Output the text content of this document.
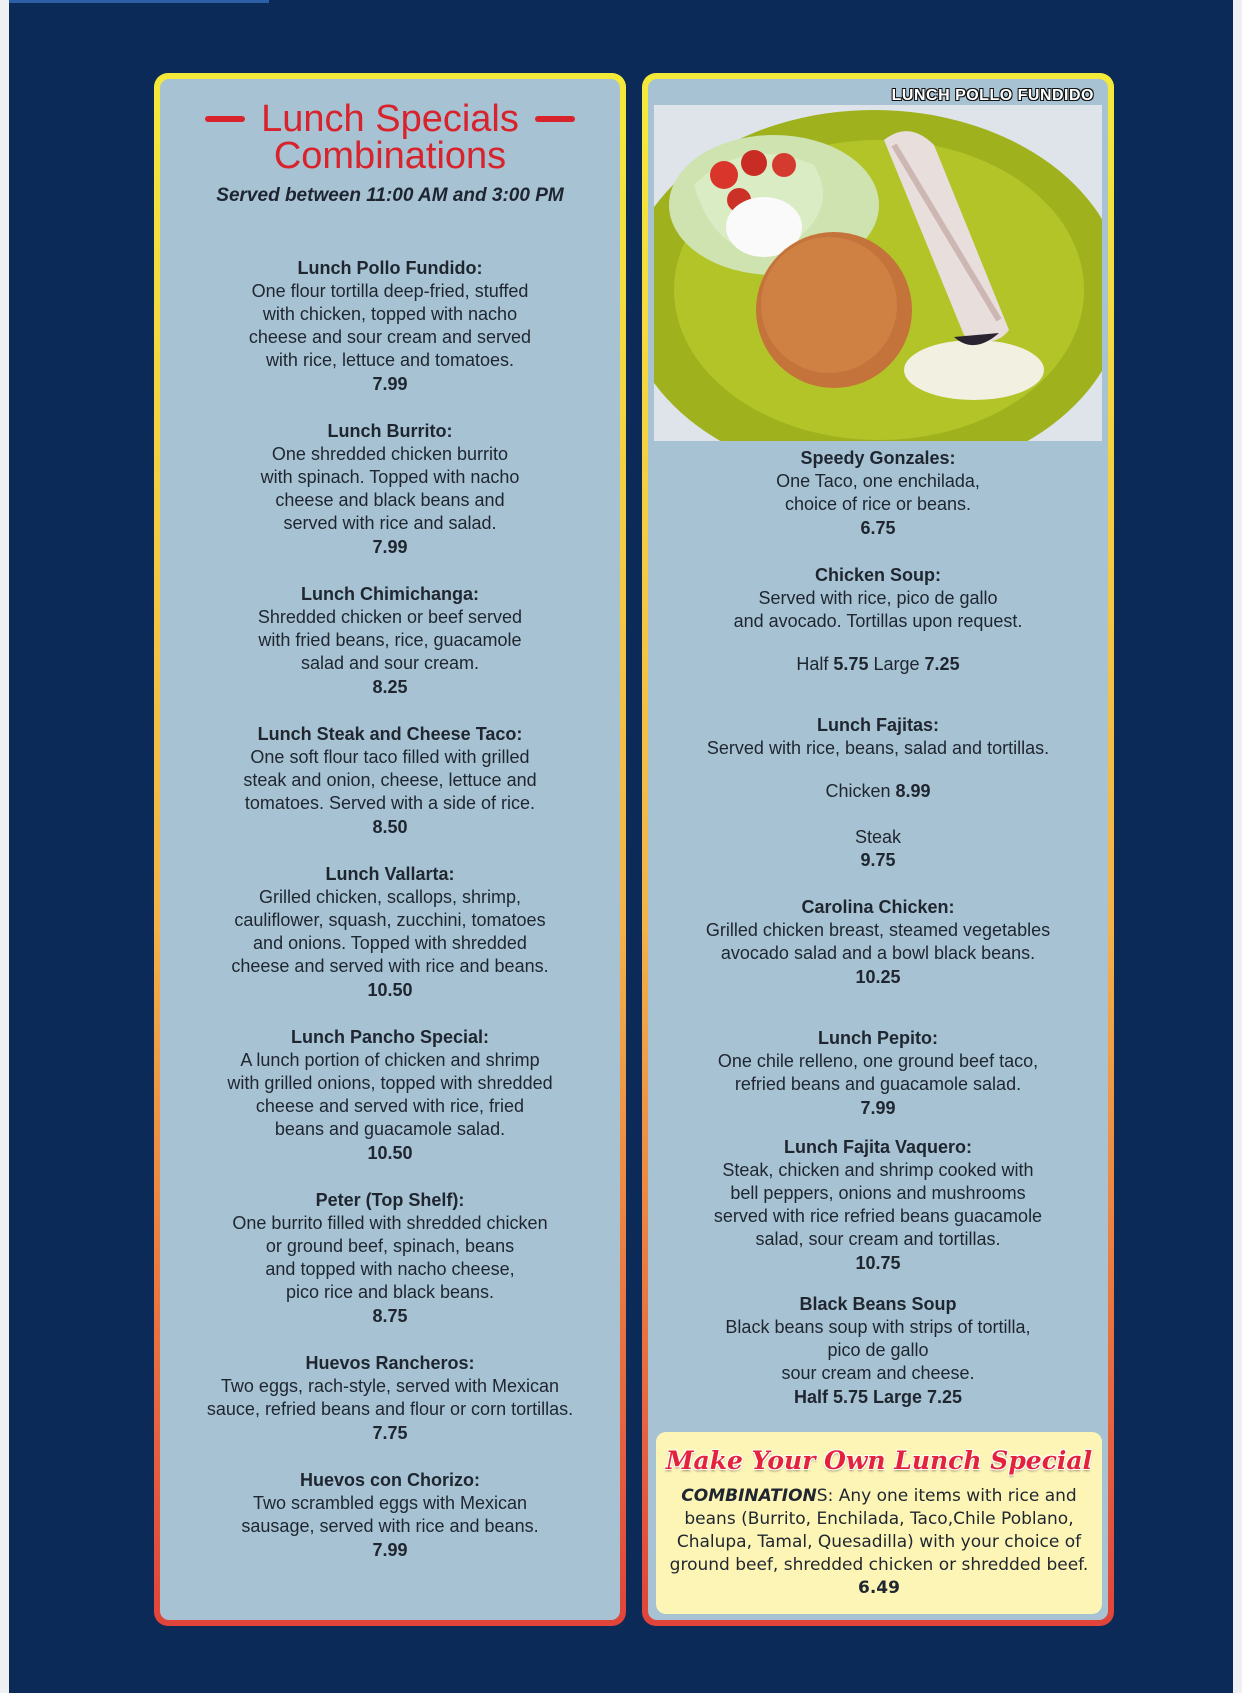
Lunch Specials
Combinations
Served between 11:00 AM and 3:00 PM
Lunch Pollo Fundido:
One flour tortilla deep-fried, stuffed
with chicken, topped with nacho
cheese and sour cream and served
with rice, lettuce and tomatoes.
7.99
Lunch Burrito:
One shredded chicken burrito
with spinach. Topped with nacho
cheese and black beans and
served with rice and salad.
7.99
Lunch Chimichanga:
Shredded chicken or beef served
with fried beans, rice, guacamole
salad and sour cream.
8.25
Lunch Steak and Cheese Taco:
One soft flour taco filled with grilled
steak and onion, cheese, lettuce and
tomatoes. Served with a side of rice.
8.50
Lunch Vallarta:
Grilled chicken, scallops, shrimp,
cauliflower, squash, zucchini, tomatoes
and onions. Topped with shredded
cheese and served with rice and beans.
10.50
Lunch Pancho Special:
A lunch portion of chicken and shrimp
with grilled onions, topped with shredded
cheese and served with rice, fried
beans and guacamole salad.
10.50
Peter (Top Shelf):
One burrito filled with shredded chicken
or ground beef, spinach, beans
and topped with nacho cheese,
pico rice and black beans.
8.75
Huevos Rancheros:
Two eggs, rach-style, served with Mexican
sauce, refried beans and flour or corn tortillas.
7.75
Huevos con Chorizo:
Two scrambled eggs with Mexican
sausage, served with rice and beans.
7.99
LUNCH POLLO FUNDIDO
Speedy Gonzales:
One Taco, one enchilada,
choice of rice or beans.
6.75
Chicken Soup:
Served with rice, pico de gallo
and avocado. Tortillas upon request.
Half 5.75 Large 7.25
Lunch Fajitas:
Served with rice, beans, salad and tortillas.
Chicken 8.99

Steak
9.75

Carolina Chicken:
Grilled chicken breast, steamed vegetables
avocado salad and a bowl black beans.
10.25
Lunch Pepito:
One chile relleno, one ground beef taco,
refried beans and guacamole salad.
7.99
Lunch Fajita Vaquero:
Steak, chicken and shrimp cooked with
bell peppers, onions and mushrooms
served with rice refried beans guacamole
salad, sour cream and tortillas.
10.75
Black Beans Soup
Black beans soup with strips of tortilla,
pico de gallo
sour cream and cheese.
Half 5.75 Large 7.25
Make Your Own Lunch Special
COMBINATIONS: Any one items with rice and beans (Burrito, Enchilada, Taco,Chile Poblano, Chalupa, Tamal, Quesadilla) with your choice of ground beef, shredded chicken or shredded beef. 6.49
